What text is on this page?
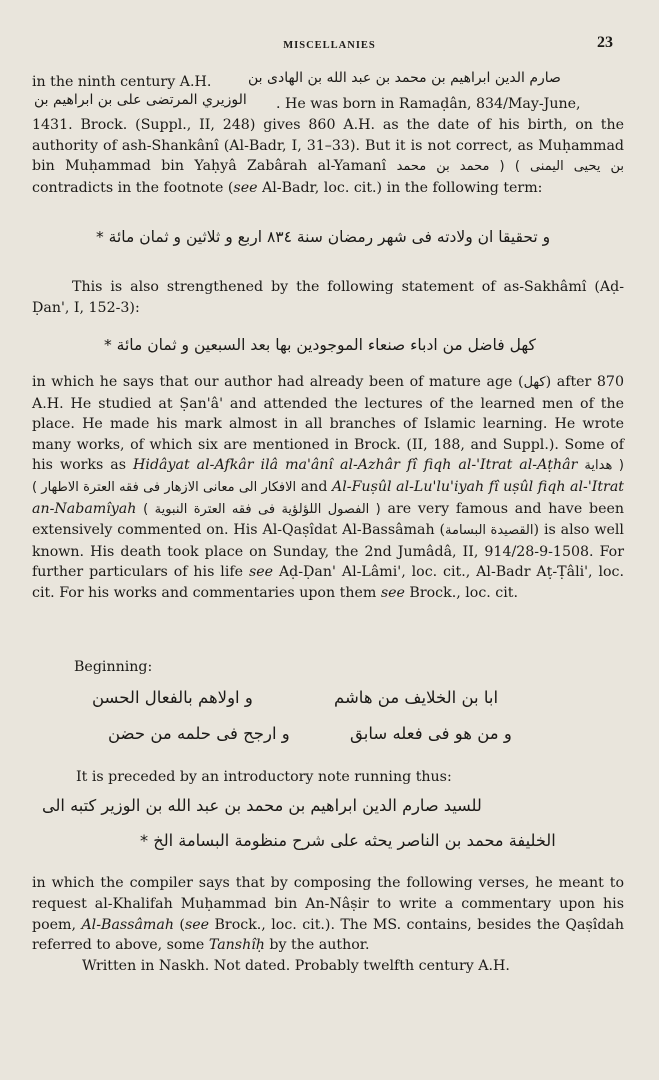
MISCELLANIES	23
صارم الدين ابراهيم بن محمد بن عبد الله بن الهادى بن
in the ninth century A.H.
الوزيري المرتضى على بن ابراهيم بن . He was born in Ramaḍân, 834/May-June,
1431. Brock. (Suppl., II, 248) gives 860 A.H. as the date of his birth, on the authority of ash-Shankânî (Al-Badr, I, 31–33). But it is not correct, as Muḥammad bin Muḥammad bin Yaḥyâ Zabârah al-Yamanî ( محمد بن محمد بن يحيى اليمنى ) contradicts in the footnote (see Al-Badr, loc. cit.) in the following term:
و تحقيقا ان ولادته فى شهر رمضان سنة ٨٣٤ اربع و ثلاثين و ثمان مائة *
This is also strengthened by the following statement of as-Sakhâmî (Aḍ-Ḍan', I, 152-3):
كهل فاضل من ادباء صنعاء الموجودين بها بعد السبعين و ثمان مائة *
in which he says that our author had already been of mature age (كهل) after 870 A.H. He studied at Ṣan'â' and attended the lectures of the learned men of the place. He made his mark almost in all branches of Islamic learning. He wrote many works, of which six are mentioned in Brock. (II, 188, and Suppl.). Some of his works as Hidâyat al-Afkâr ilâ ma'ânî al-Azhâr fî fiqh al-'Itrat al-Aṭhâr ( هداية الافكار الى معانى الازهار فى فقه العترة الاطهار ) and Al-Fuṣûl al-Lu'lu'iyah fî uṣûl fiqh al-'Itrat an-Nabamîyah ( الفصول اللؤلؤية فى فقه العترة النبوية ) are very famous and have been extensively commented on. His Al-Qaṣîdat Al-Bassâmah (القصيدة البسامة) is also well known. His death took place on Sunday, the 2nd Jumâdâ, II, 914/28-9-1508. For further particulars of his life see Aḍ-Ḍan' Al-Lâmi', loc. cit., Al-Badr Aṭ-Ṭâli', loc. cit. For his works and commentaries upon them see Brock., loc. cit.
Beginning:
ابا بن الخلايف من هاشم
و اولاهم بالفعال الحسن
و من هو فى فعله سابق
و ارجح فى حلمه من حضن
It is preceded by an introductory note running thus:
للسيد صارم الدين ابراهيم بن محمد بن عبد الله بن الوزير كتبه الى
الخليفة محمد بن الناصر يحثه على شرح منظومة البسامة الخ *
in which the compiler says that by composing the following verses, he meant to request al-Khalifah Muḥammad bin An-Nâṣir to write a commentary upon his poem, Al-Bassâmah (see Brock., loc. cit.). The MS. contains, besides the Qaṣîdah referred to above, some Tanshîḥ by the author.
Written in Naskh. Not dated. Probably twelfth century A.H.
